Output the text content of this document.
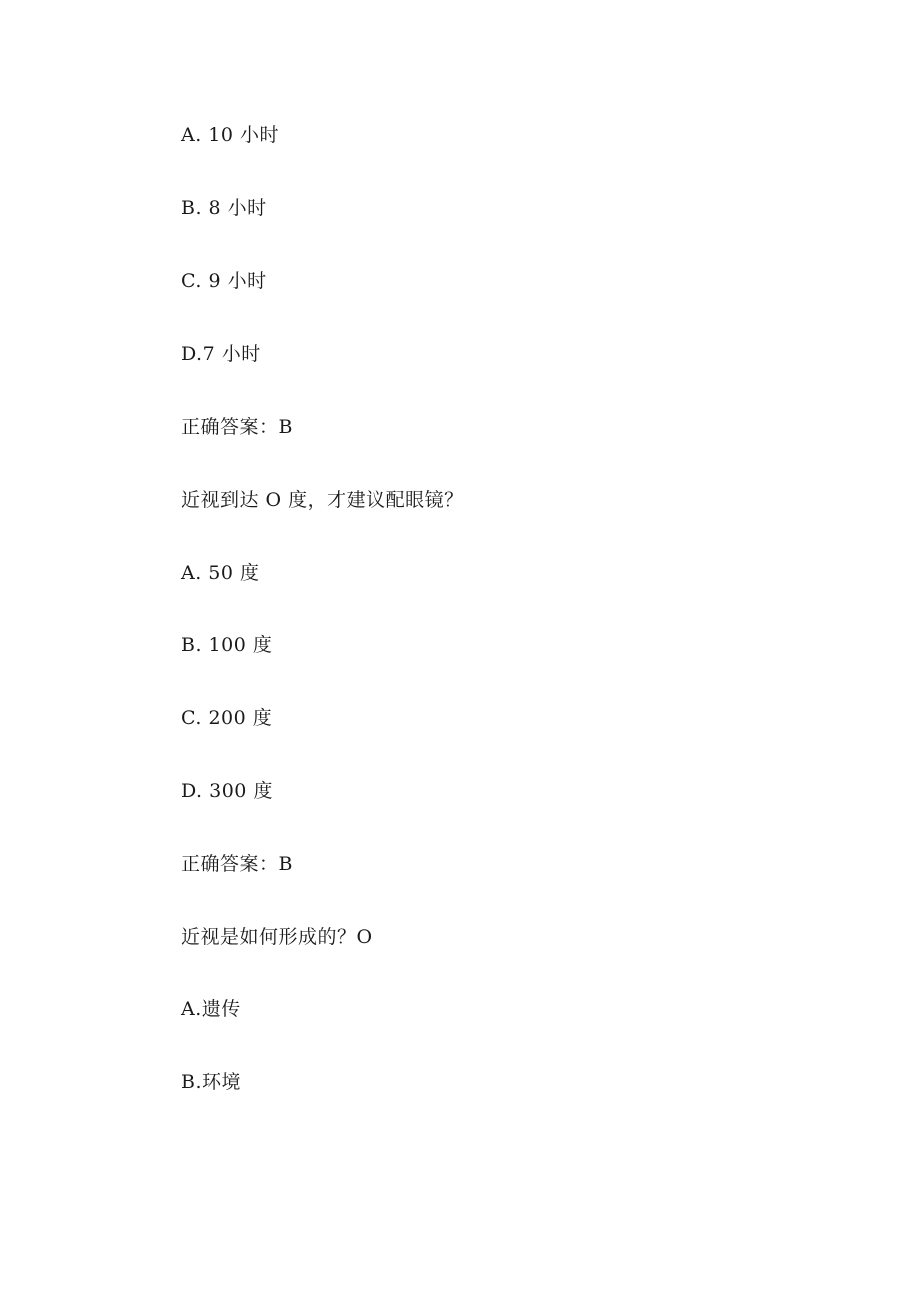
A. 10 小时
B. 8 小时
C. 9 小时
D.7 小时
正确答案：B
近视到达 O 度，才建议配眼镜？
A. 50 度
B. 100 度
C. 200 度
D. 300 度
正确答案：B
近视是如何形成的？O
A.遗传
B.环境
